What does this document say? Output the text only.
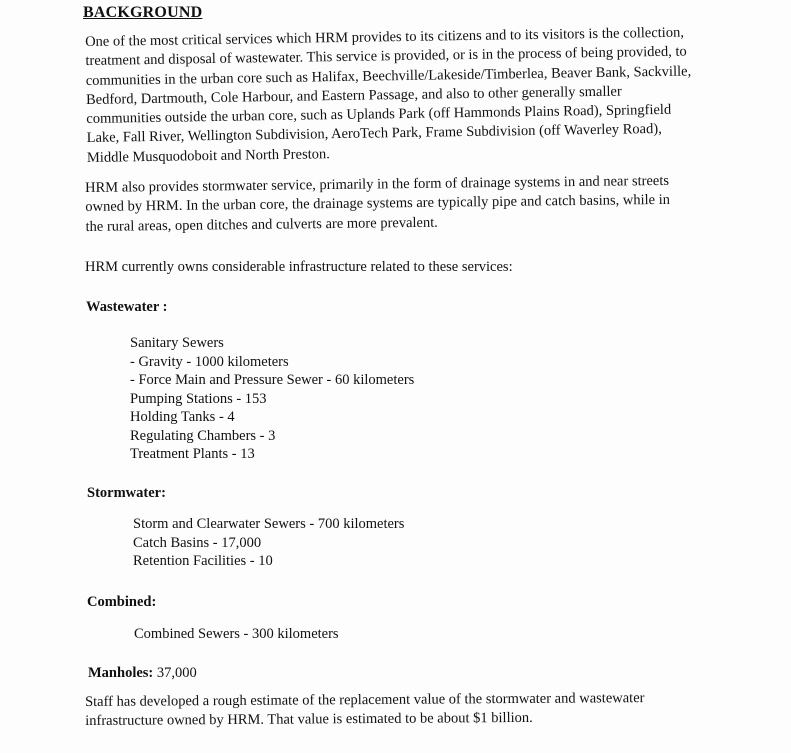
BACKGROUND

One of the most critical services which HRM provides to its citizens and to its visitors is the collection, treatment and disposal of wastewater. This service is provided, or is in the process of being provided, to communities in the urban core such as Halifax, Beechville/Lakeside/Timberlea, Beaver Bank, Sackville, Bedford, Dartmouth, Cole Harbour, and Eastern Passage, and also to other generally smaller communities outside the urban core, such as Uplands Park (off Hammonds Plains Road), Springfield Lake, Fall River, Wellington Subdivision, AeroTech Park, Frame Subdivision (off Waverley Road), Middle Musquodoboit and North Preston.

HRM also provides stormwater service, primarily in the form of drainage systems in and near streets owned by HRM. In the urban core, the drainage systems are typically pipe and catch basins, while in the rural areas, open ditches and culverts are more prevalent.

HRM currently owns considerable infrastructure related to these services:

Wastewater :
Sanitary Sewers
- Gravity - 1000 kilometers
- Force Main and Pressure Sewer - 60 kilometers
Pumping Stations - 153
Holding Tanks - 4
Regulating Chambers - 3
Treatment Plants - 13
Stormwater:
Storm and Clearwater Sewers - 700 kilometers
Catch Basins - 17,000
Retention Facilities - 10
Combined:
Combined Sewers - 300 kilometers
Manholes: 37,000

Staff has developed a rough estimate of the replacement value of the stormwater and wastewater infrastructure owned by HRM. That value is estimated to be about $1 billion.
